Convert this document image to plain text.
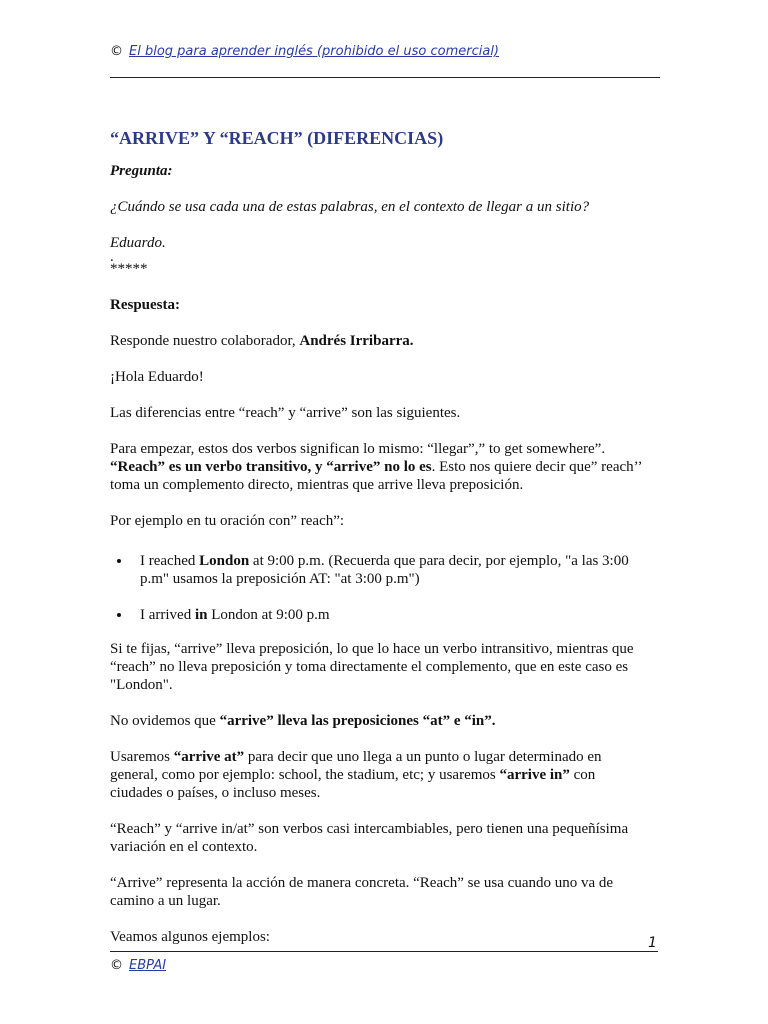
© El blog para aprender inglés (prohibido el uso comercial)

“ARRIVE” Y “REACH” (DIFERENCIAS)

Pregunta:

¿Cuándo se usa cada una de estas palabras, en el contexto de llegar a un sitio?

Eduardo.

.

*****

Respuesta:

Responde nuestro colaborador, Andrés Irribarra.

¡Hola Eduardo!

Las diferencias entre “reach” y “arrive” son las siguientes.

Para empezar, estos dos verbos significan lo mismo: “llegar”,” to get somewhere”.
“Reach” es un verbo transitivo, y “arrive” no lo es. Esto nos quiere decir que” reach’’ toma un complemento directo, mientras que arrive lleva preposición.

Por ejemplo en tu oración con” reach”:

• I reached London at 9:00 p.m. (Recuerda que para decir, por ejemplo, "a las 3:00 p.m" usamos la preposición AT: "at 3:00 p.m")
• I arrived in London at 9:00 p.m

Si te fijas, “arrive” lleva preposición, lo que lo hace un verbo intransitivo, mientras que “reach” no lleva preposición y toma directamente el complemento, que en este caso es "London".

No ovidemos que “arrive” lleva las preposiciones “at” e “in”.

Usaremos “arrive at” para decir que uno llega a un punto o lugar determinado en general, como por ejemplo: school, the stadium, etc; y usaremos “arrive in” con ciudades o países, o incluso meses.

“Reach” y “arrive in/at” son verbos casi intercambiables, pero tienen una pequeñísima variación en el contexto.

“Arrive” representa la acción de manera concreta. “Reach” se usa cuando uno va de camino a un lugar.

Veamos algunos ejemplos:	1
© EBPAI
